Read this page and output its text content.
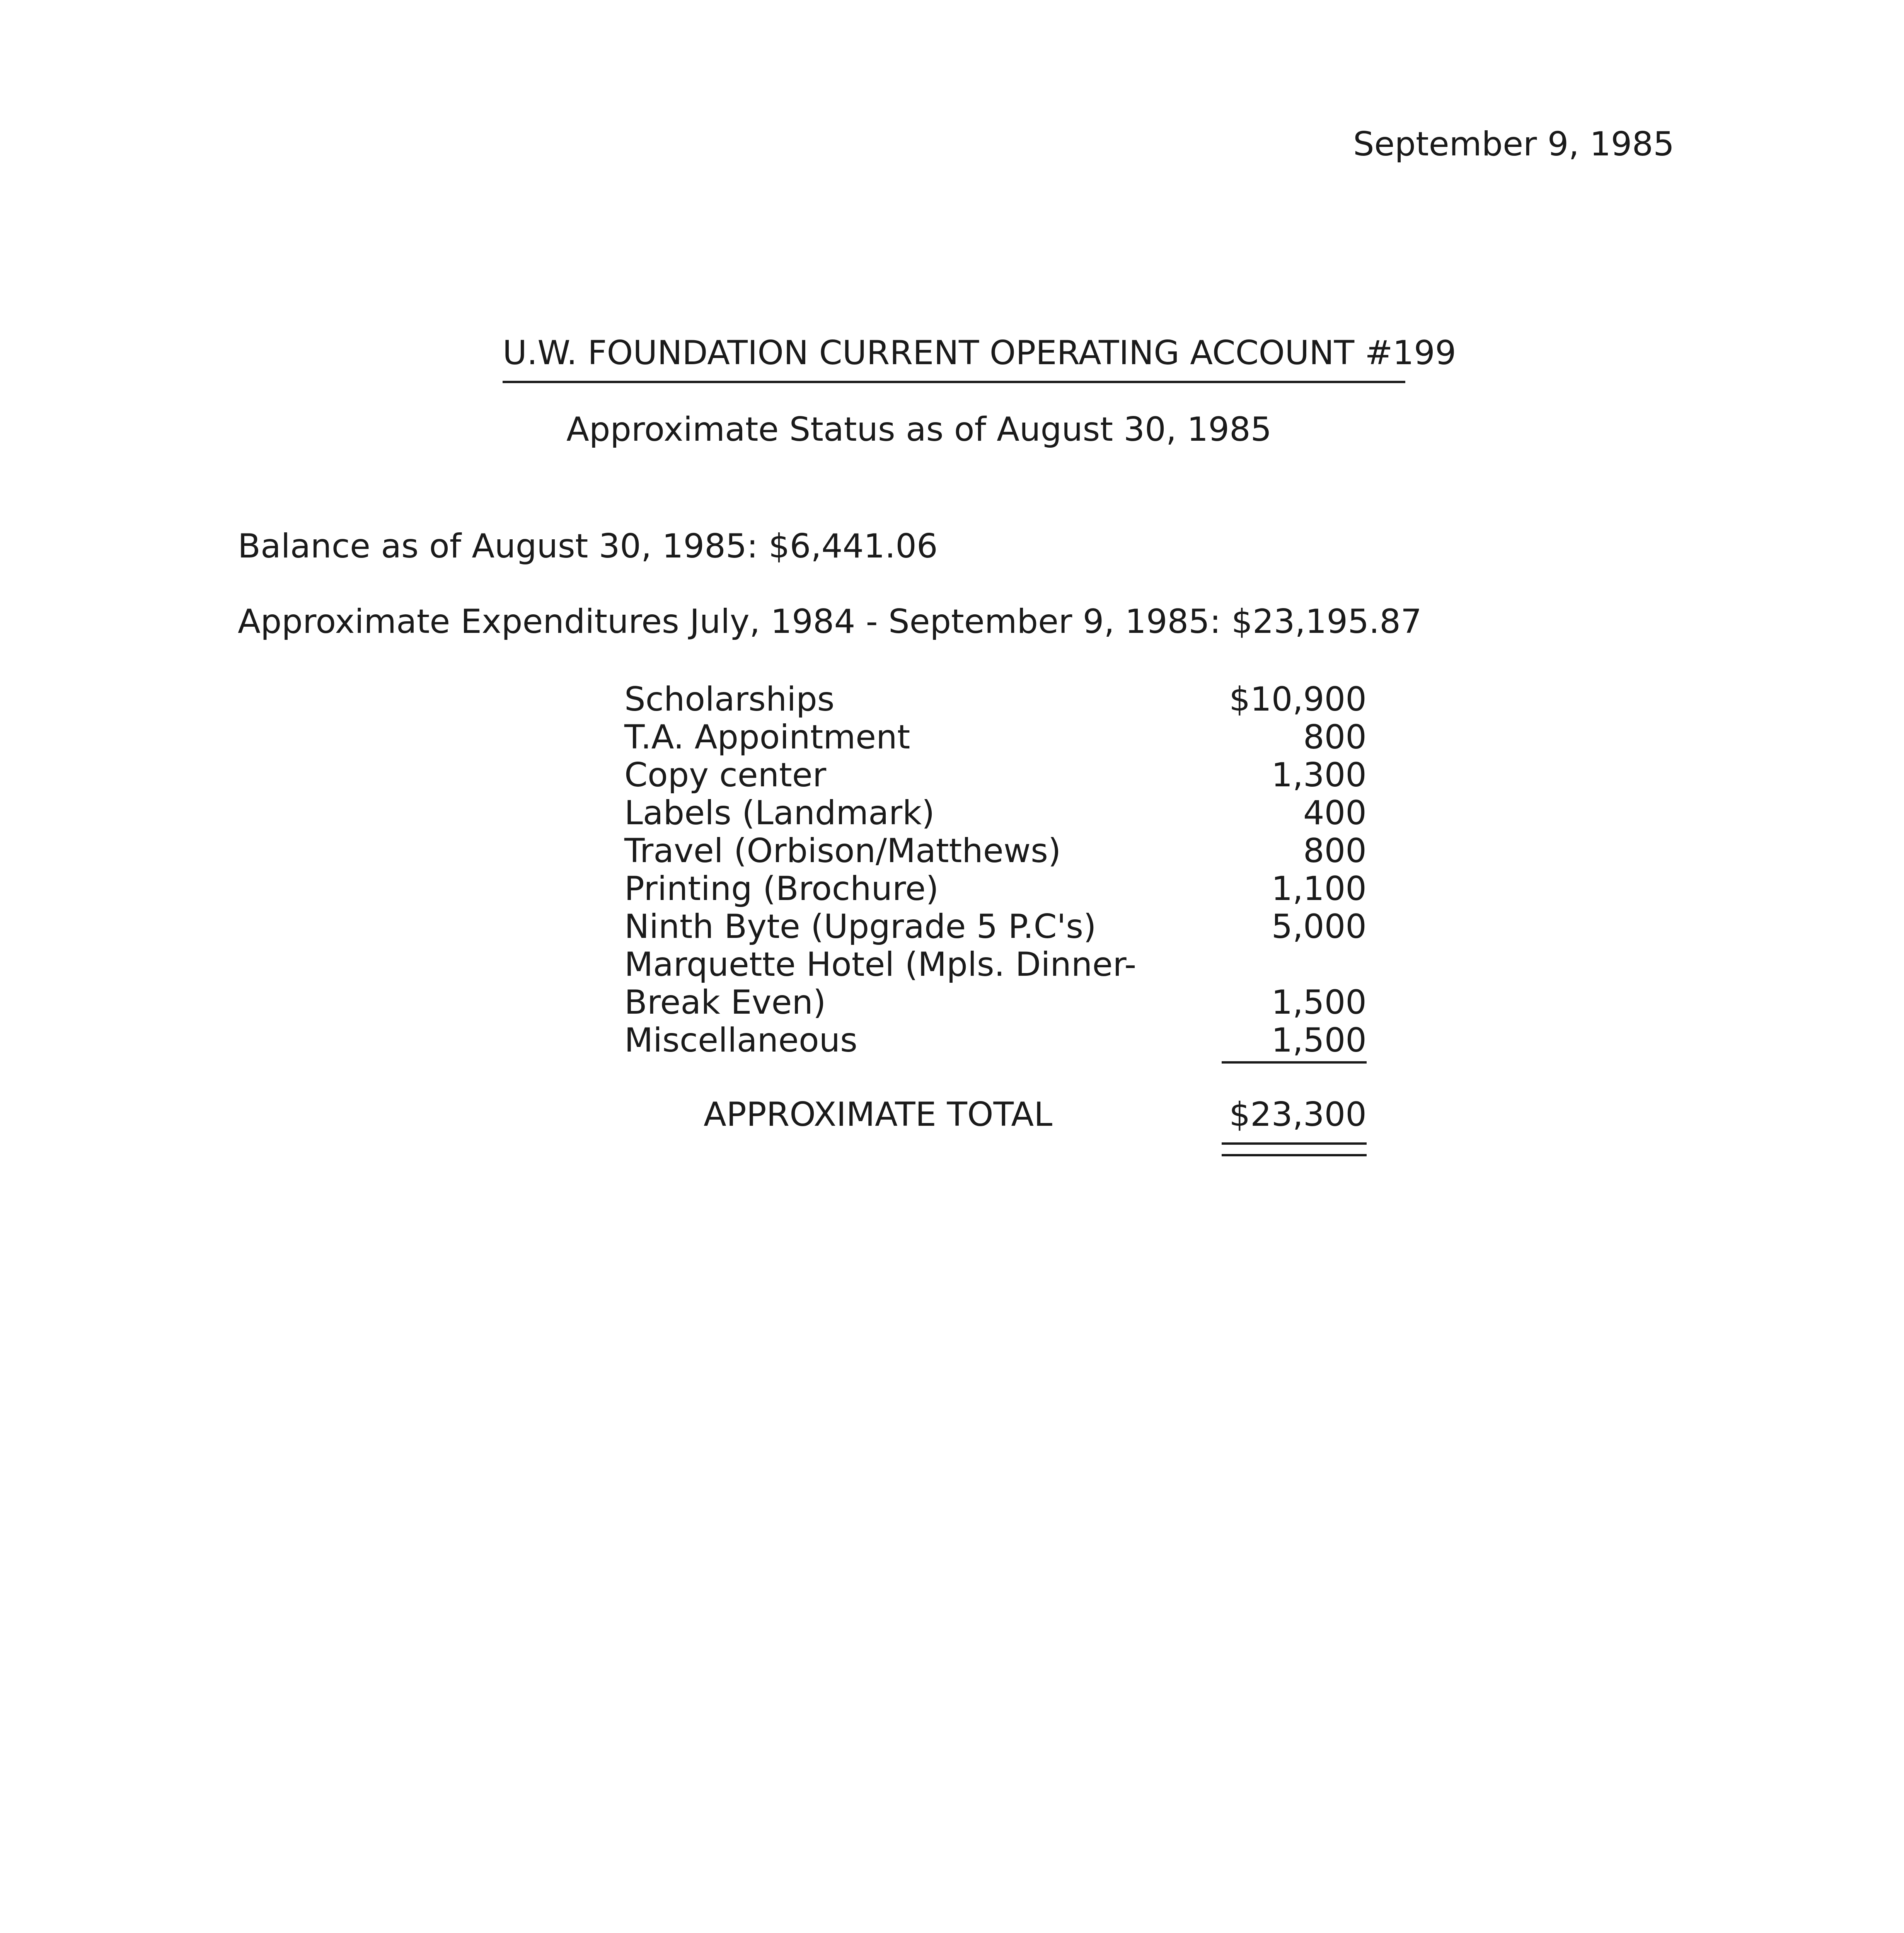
September 9, 1985
U.W. FOUNDATION CURRENT OPERATING ACCOUNT #199
Approximate Status as of August 30, 1985
Balance as of August 30, 1985: $6,441.06
Approximate Expenditures July, 1984 - September 9, 1985: $23,195.87
Scholarships	$10,900
T.A. Appointment	800
Copy center	1,300
Labels (Landmark)	400
Travel (Orbison/Matthews)	800
Printing (Brochure)	1,100
Ninth Byte (Upgrade 5 P.C's)	5,000
Marquette Hotel (Mpls. Dinner-
Break Even)	1,500
Miscellaneous	1,500
APPROXIMATE TOTAL	$23,300
